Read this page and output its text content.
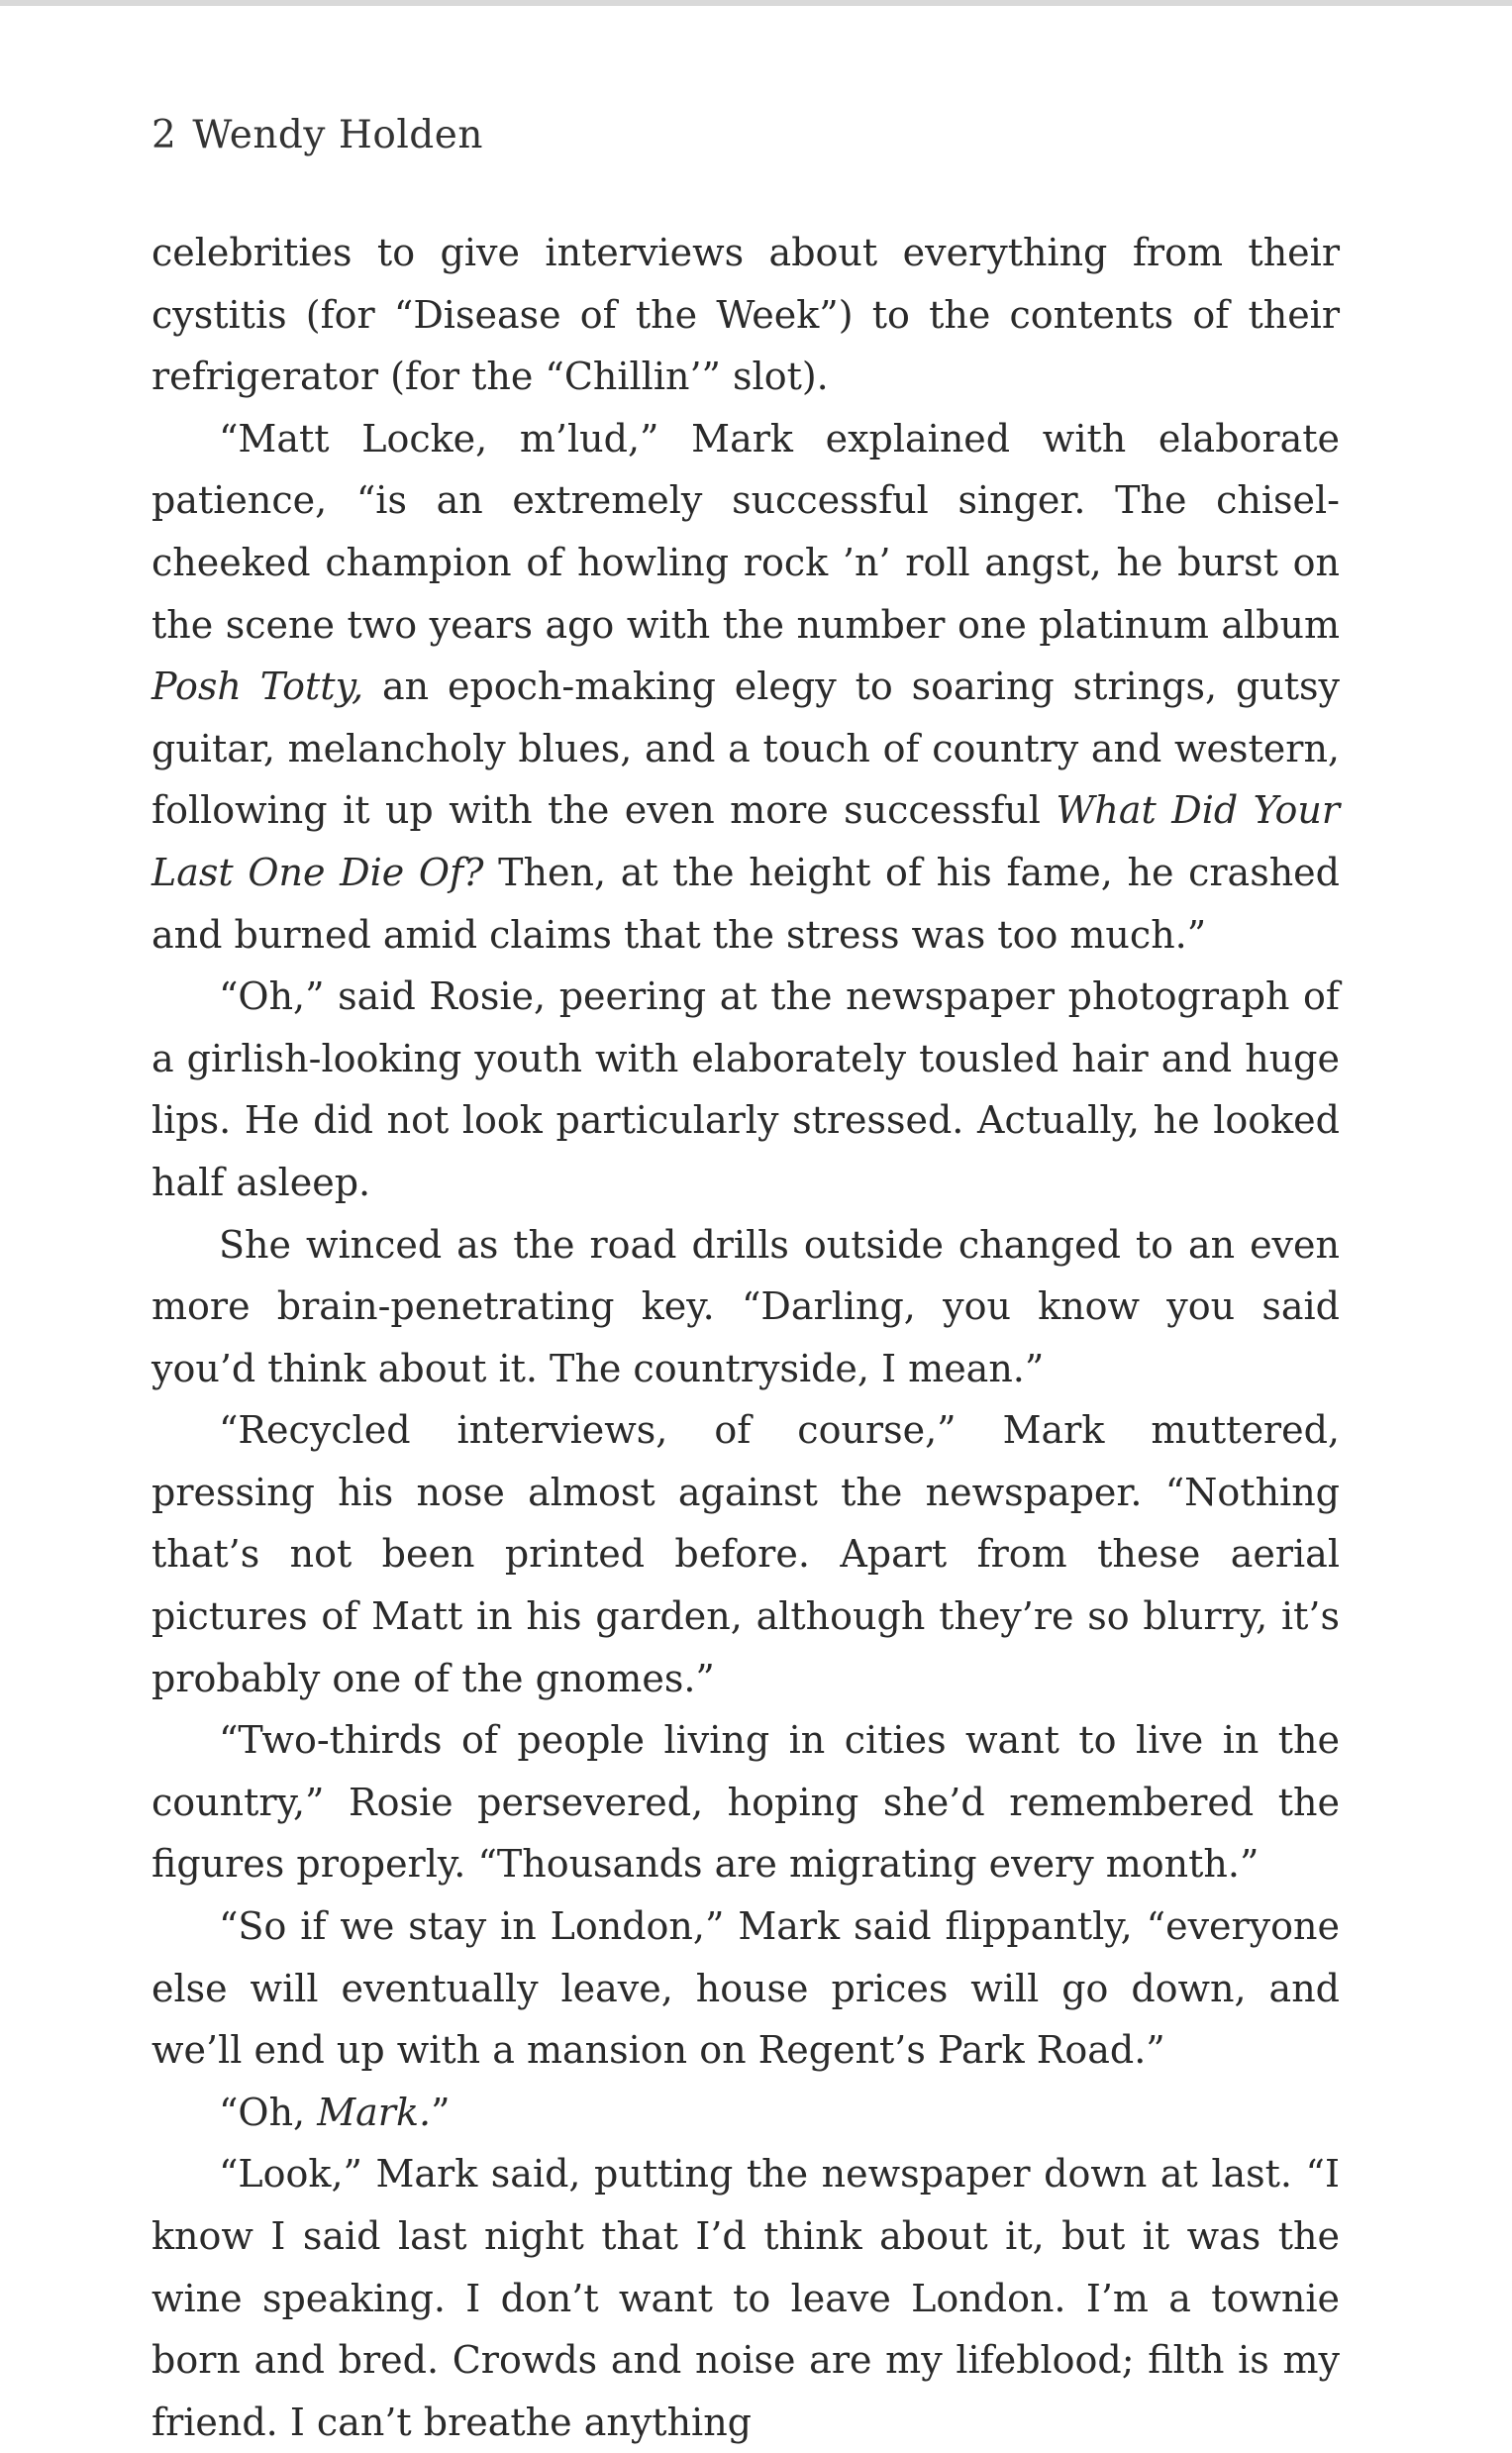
2 Wendy Holden

celebrities to give interviews about everything from their cystitis (for “Disease of the Week”) to the contents of their refrigerator (for the “Chillin’” slot).

“Matt Locke, m’lud,” Mark explained with elaborate patience, “is an extremely successful singer. The chisel-cheeked champion of howling rock ’n’ roll angst, he burst on the scene two years ago with the number one platinum album Posh Totty, an epoch-making elegy to soaring strings, gutsy guitar, melancholy blues, and a touch of country and western, following it up with the even more successful What Did Your Last One Die Of? Then, at the height of his fame, he crashed and burned amid claims that the stress was too much.”

“Oh,” said Rosie, peering at the newspaper photograph of a girlish-looking youth with elaborately tousled hair and huge lips. He did not look particularly stressed. Actually, he looked half asleep.

She winced as the road drills outside changed to an even more brain-penetrating key. “Darling, you know you said you’d think about it. The countryside, I mean.”

“Recycled interviews, of course,” Mark muttered, pressing his nose almost against the newspaper. “Nothing that’s not been printed before. Apart from these aerial pictures of Matt in his garden, although they’re so blurry, it’s probably one of the gnomes.”

“Two-thirds of people living in cities want to live in the country,” Rosie persevered, hoping she’d remembered the figures properly. “Thousands are migrating every month.”

“So if we stay in London,” Mark said flippantly, “everyone else will eventually leave, house prices will go down, and we’ll end up with a mansion on Regent’s Park Road.”

“Oh, Mark.”

“Look,” Mark said, putting the newspaper down at last. “I know I said last night that I’d think about it, but it was the wine speaking. I don’t want to leave London. I’m a townie born and bred. Crowds and noise are my lifeblood; filth is my friend. I can’t breathe anything
